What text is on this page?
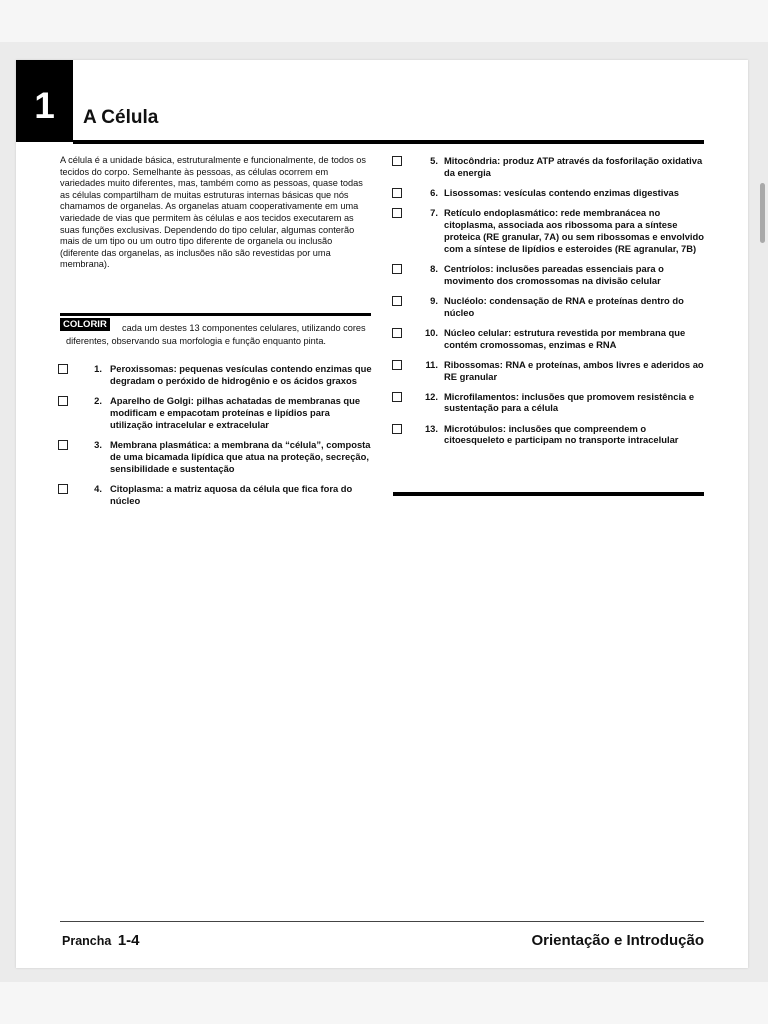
1	A Célula

A célula é a unidade básica, estruturalmente e funcionalmente, de todos os tecidos do corpo. Semelhante às pessoas, as células ocorrem em variedades muito diferentes, mas, também como as pessoas, quase todas as células compartilham de muitas estruturas internas básicas que nós chamamos de organelas. As organelas atuam cooperativamente em uma variedade de vias que permitem às células e aos tecidos executarem as suas funções exclusivas. Dependendo do tipo celular, algumas conterão mais de um tipo ou um outro tipo diferente de organela ou inclusão (diferente das organelas, as inclusões não são revestidas por uma membrana).

cada um destes 13 componentes celulares, utilizando cores diferentes, observando sua morfologia e função enquanto pinta.

COLORIR
1. Peroxissomas: pequenas vesículas contendo enzimas que degradam o peróxido de hidrogênio e os ácidos graxos
2. Aparelho de Golgi: pilhas achatadas de membranas que modificam e empacotam proteínas e lipídios para utilização intracelular e extracelular
3. Membrana plasmática: a membrana da “célula”, composta de uma bicamada lipídica que atua na proteção, secreção, sensibilidade e sustentação
4. Citoplasma: a matriz aquosa da célula que fica fora do núcleo
5. Mitocôndria: produz ATP através da fosforilação oxidativa da energia
6. Lisossomas: vesículas contendo enzimas digestivas
7. Retículo endoplasmático: rede membranácea no citoplasma, associada aos ribossoma para a síntese proteica (RE granular, 7A) ou sem ribossomas e envolvido com a síntese de lipídios e esteroides (RE agranular, 7B)
8. Centríolos: inclusões pareadas essenciais para o movimento dos cromossomas na divisão celular
9. Nucléolo: condensação de RNA e proteínas dentro do núcleo
10. Núcleo celular: estrutura revestida por membrana que contém cromossomas, enzimas e RNA
11. Ribossomas: RNA e proteínas, ambos livres e aderidos ao RE granular
12. Microfilamentos: inclusões que promovem resistência e sustentação para a célula
13. Microtúbulos: inclusões que compreendem o citoesqueleto e participam no transporte intracelular
Prancha 1-4	Orientação e Introdução
